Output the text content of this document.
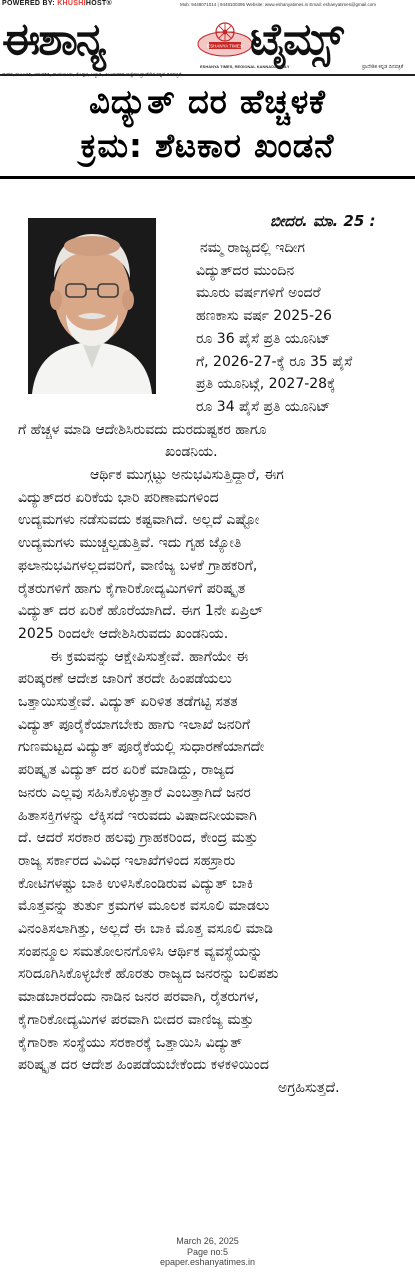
POWERED BY: KHUSHIHOST®	Mob: 9448071014 | 9448100395 Website: www.eshanyatimes.in Email: eshanyatimes@gmail.com
ಈಶಾನ್ಯ	ESHANYA TIMES ಟೈಮ್ಸ್
ESHANYA TIMES, REGIONAL KANNADA DAILY	ಪ್ರಾದೇಶಿಕ ಕನ್ನಡ ದಿನಪತ್ರಿಕೆ
ವಿದ್ಯುತ್ ದರ ಹೆಚ್ಚಳಕೆ
ಕ್ರಮ: ಶೆಟಕಾರ ಖಂಡನೆ
ಬೀದರ. ಮಾ. 25 :
ನಮ್ಮ ರಾಜ್ಯದಲ್ಲಿ ಇದೀಗ
ವಿದ್ಯುತ್‌ದರ ಮುಂದಿನ
ಮೂರು ವರ್ಷಗಳಿಗೆ ಅಂದರೆ
ಹಣಕಾಸು ವರ್ಷ 2025-26
ರೂ 36 ಪೈಸೆ ಪ್ರತಿ ಯೂನಿಟ್
ಗೆ, 2026-27-ಕ್ಕೆ ರೂ 35 ಪೈಸೆ
ಪ್ರತಿ ಯೂನಿಟ್ಗೆ, 2027-28ಕ್ಕೆ
ರೂ 34 ಪೈಸೆ ಪ್ರತಿ ಯೂನಿಟ್
ಗೆ ಹೆಚ್ಚಳ ಮಾಡಿ ಆದೇಶಿಸಿರುವದು ದುರದುಷ್ಟಕರ ಹಾಗೂ
ಖಂಡನಿಯ.
ಆರ್ಥಿಕ ಮುಗ್ಗಟ್ಟು ಅನುಭವಿಸುತ್ತಿದ್ದಾರೆ, ಈಗ
ವಿದ್ಯುತ್‌ದರ ಏರಿಕೆಯ ಭಾರಿ ಪರಿಣಾಮಗಳಿಂದ
ಉದ್ಯಮಗಳು ನಡೆಸುವದು ಕಷ್ಟವಾಗಿದೆ. ಅಲ್ಲದೆ ಎಷ್ಟೋ
ಉದ್ಯಮಗಳು ಮುಚ್ಚಲ್ಪಡುತ್ತಿವೆ. ಇದು ಗೃಹ ಜ್ಯೋತಿ
ಫಲಾನುಭವಿಗಳಲ್ಲದವರಿಗೆ, ವಾಣಿಜ್ಯ ಬಳಕೆ ಗ್ರಾಹಕರಿಗೆ,
ರೈತರುಗಳಿಗೆ ಹಾಗು ಕೈಗಾರಿಕೋದ್ಯಮಿಗಳಿಗೆ ಪರಿಷ್ಕೃತ
ವಿದ್ಯುತ್ ದರ ಏರಿಕೆ ಹೊರೆಯಾಗಿದೆ. ಈಗ 1ನೇ ಏಪ್ರಿಲ್
2025 ರಿಂದಲೇ ಆದೇಶಿಸಿರುವದು ಖಂಡನಿಯ.
ಈ ಕ್ರಮವನ್ನು ಆಕ್ಷೇಪಿಸುತ್ತೇವೆ. ಹಾಗೆಯೇ ಈ
ಪರಿಷ್ಕರಣೆ ಆದೇಶ ಜಾರಿಗೆ ತರದೇ ಹಿಂಪಡೆಯಲು
ಒತ್ತಾಯಿಸುತ್ತೇವೆ. ವಿದ್ಯುತ್ ಏರಿಳಿತ ತಡೆಗಟ್ಟಿ ಸತತ
ವಿದ್ಯುತ್ ಪೂರೈಕೆಯಾಗಬೇಕು ಹಾಗು ಇಲಾಖೆ ಜನರಿಗೆ
ಗುಣಮಟ್ಟದ ವಿದ್ಯುತ್ ಪೂರೈಕೆಯಲ್ಲಿ ಸುಧಾರಣೆಯಾಗದೇ
ಪರಿಷ್ಕೃತ ವಿದ್ಯುತ್ ದರ ಏರಿಕೆ ಮಾಡಿದ್ದು, ರಾಜ್ಯದ
ಜನರು ಎಲ್ಲವು ಸಹಿಸಿಕೊಳ್ಳುತ್ತಾರೆ ಎಂಬತ್ತಾಗಿದೆ ಜನರ
ಹಿತಾಸಕ್ತಿಗಳನ್ನು ಲೆಕ್ಕಿಸದೆ ಇರುವದು ವಿಷಾದನೀಯವಾಗಿ
ದೆ. ಆದರೆ ಸರಕಾರ ಹಲವು ಗ್ರಾಹಕರಿಂದ, ಕೇಂದ್ರ ಮತ್ತು
ರಾಜ್ಯ ಸರ್ಕಾರದ ವಿವಿಧ ಇಲಾಖೆಗಳಿಂದ ಸಹಸ್ರಾರು
ಕೋಟಿಗಳಷ್ಟು ಬಾಕಿ ಉಳಿಸಿಕೊಂಡಿರುವ ವಿದ್ಯುತ್ ಬಾಕಿ
ಮೊತ್ತವನ್ನು ತುರ್ತು ಕ್ರಮಗಳ ಮೂಲಕ ವಸೂಲಿ ಮಾಡಲು
ವಿನಂತಿಸಲಾಗಿತ್ತು, ಅಲ್ಲದೆ ಈ ಬಾಕಿ ಮೊತ್ತ ವಸೂಲಿ ಮಾಡಿ
ಸಂಪನ್ಮೂಲ ಸಮತೋಲನಗೊಳಿಸಿ ಆರ್ಥಿಕ ವ್ಯವಸ್ಥೆಯನ್ನು
ಸರಿದೂಗಿಸಿಕೊಳ್ಳಬೇಕೆ ಹೊರತು ರಾಜ್ಯದ ಜನರನ್ನು ಬಲಿಪಶು
ಮಾಡಬಾರದೆಂದು ನಾಡಿನ ಜನರ ಪರವಾಗಿ, ರೈತರುಗಳ,
ಕೈಗಾರಿಕೋದ್ಯಮಿಗಳ ಪರವಾಗಿ ಬೀದರ ವಾಣಿಜ್ಯ ಮತ್ತು
ಕೈಗಾರಿಕಾ ಸಂಸ್ಥೆಯು ಸರಕಾರಕ್ಕೆ ಒತ್ತಾಯಿಸಿ ವಿದ್ಯುತ್
ಪರಿಷ್ಕೃತ ದರ ಆದೇಶ ಹಿಂಪಡೆಯಬೇಕೆಂದು ಕಳಕಳಿಯಿಂದ
ಅಗ್ರಹಿಸುತ್ತದೆ.
March 26, 2025
Page no:5
epaper.eshanyatimes.in
